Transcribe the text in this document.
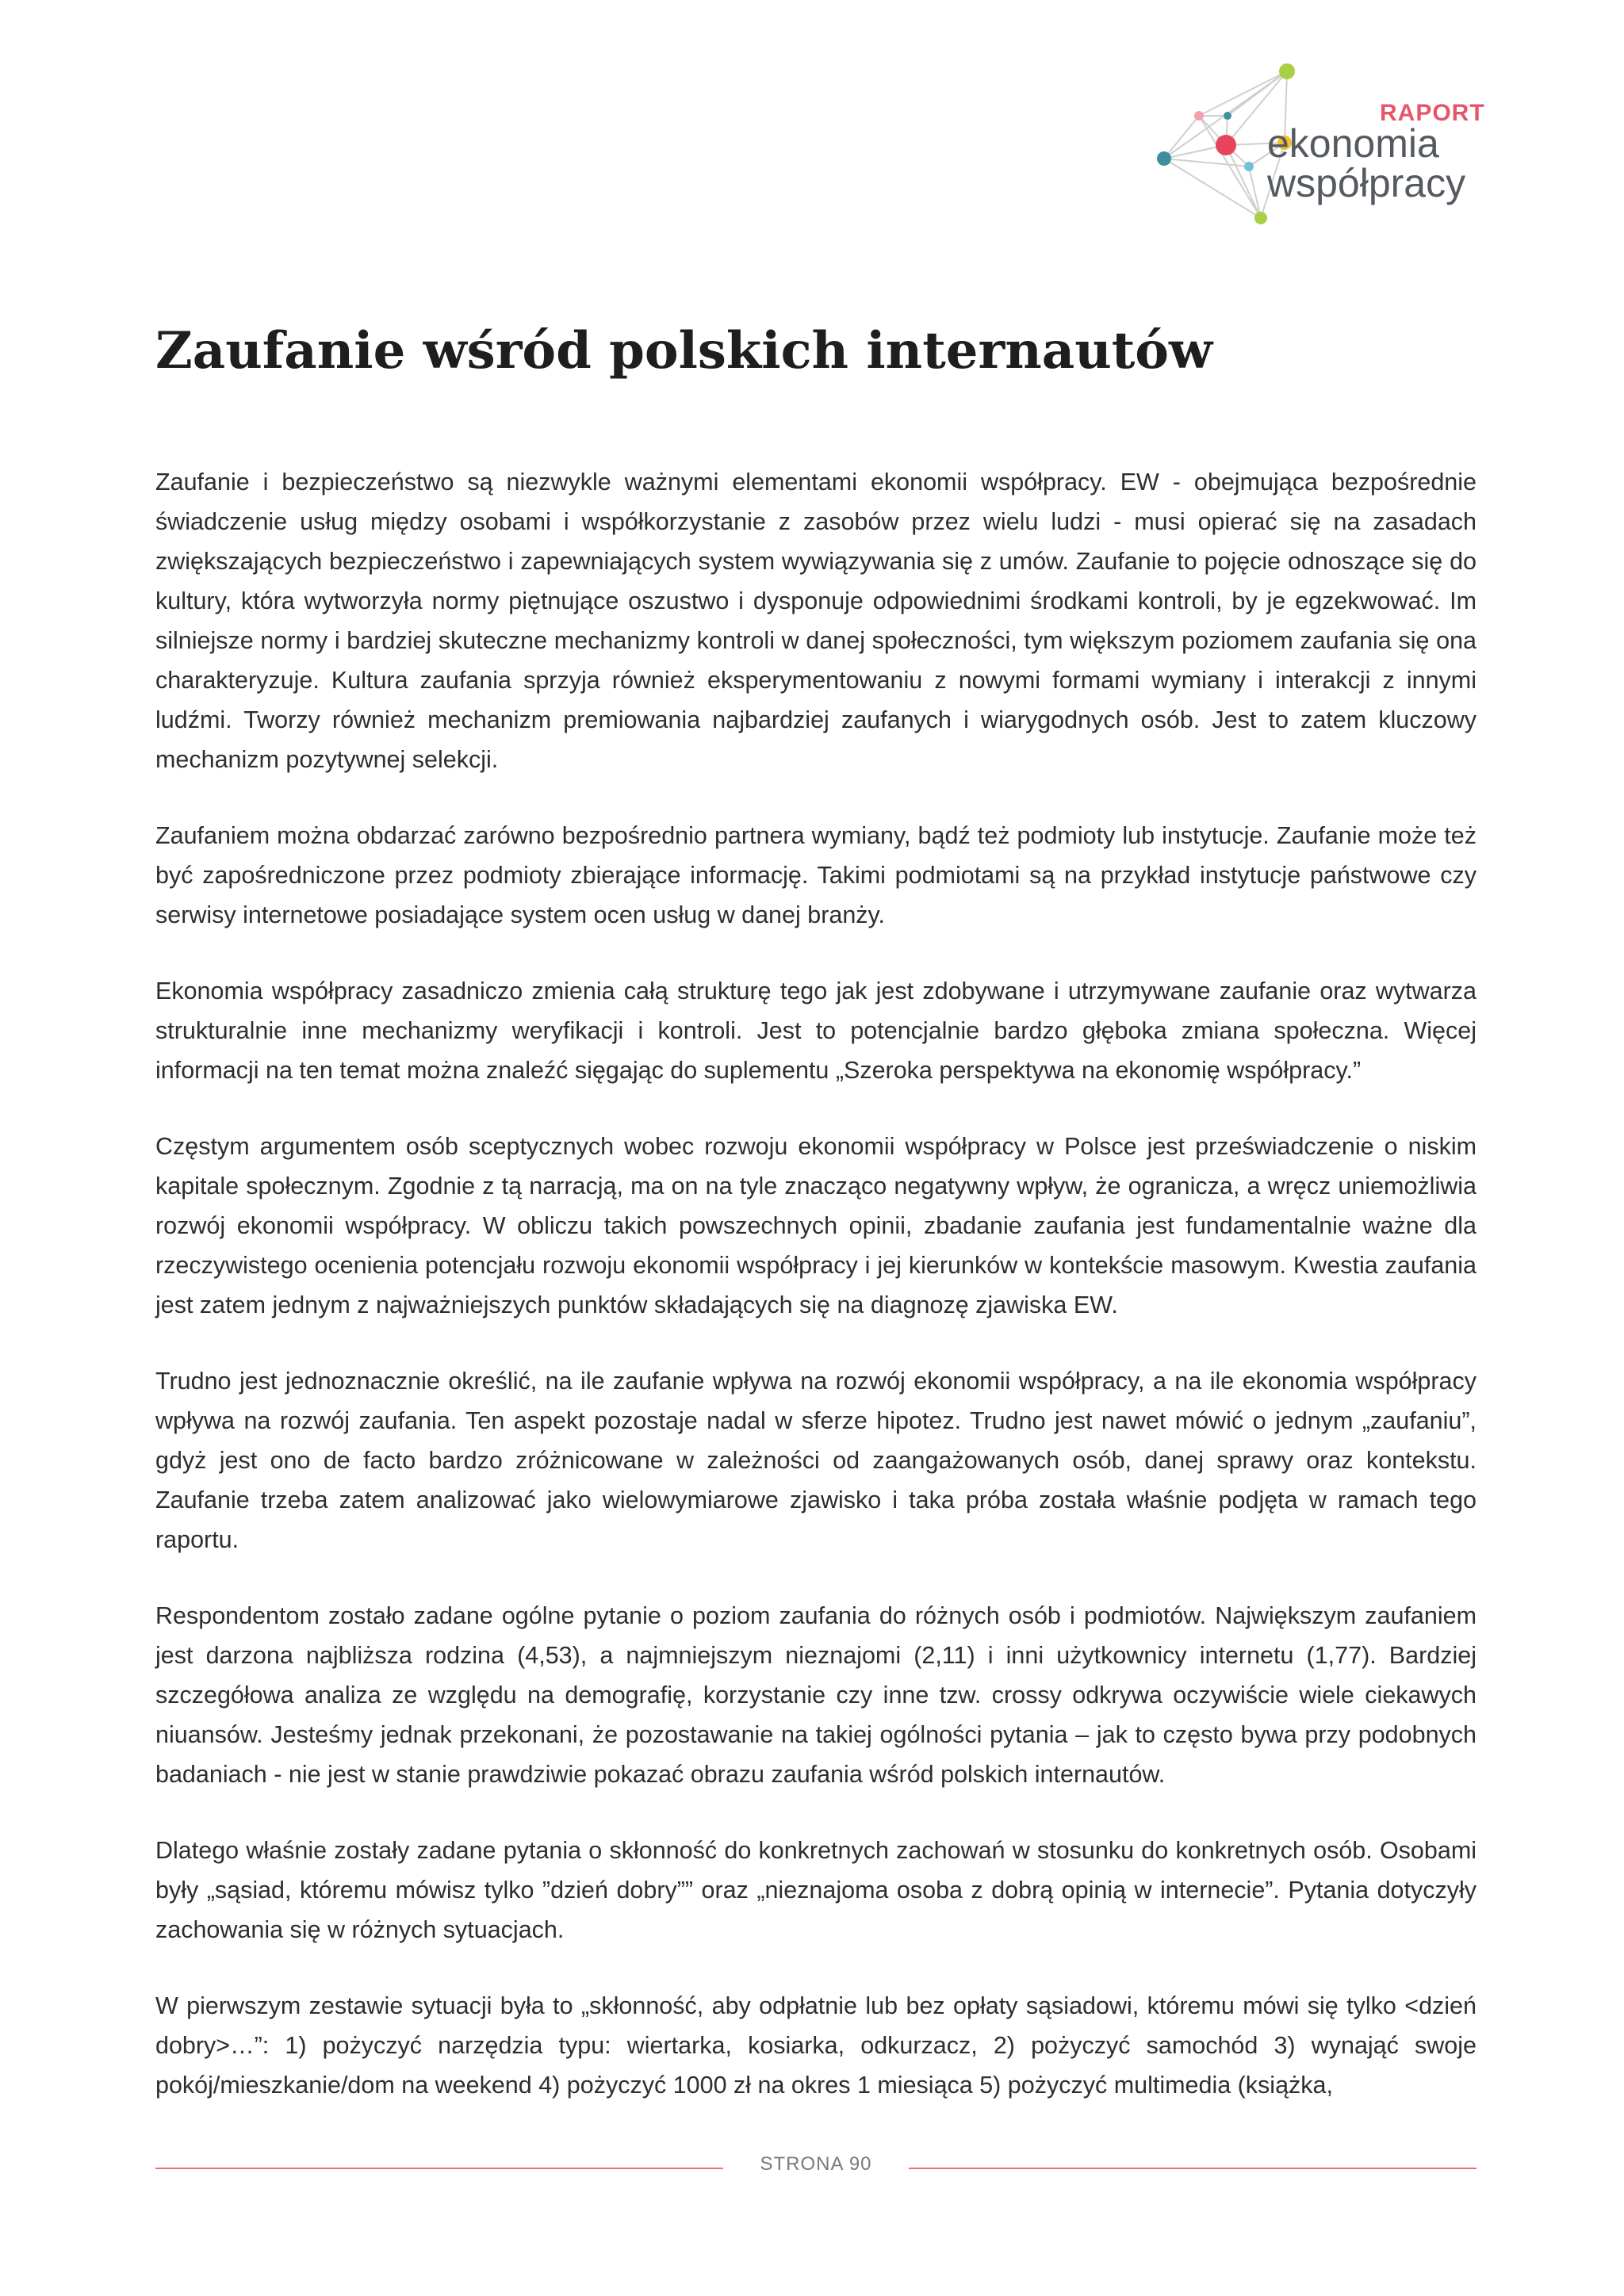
RAPORT
ekonomia
współpracy
Zaufanie wśród polskich internautów

Zaufanie i bezpieczeństwo są niezwykle ważnymi elementami ekonomii współpracy. EW - obejmująca bezpośrednie świadczenie usług między osobami i współkorzystanie z zasobów przez wielu ludzi - musi opierać się na zasadach zwiększających bezpieczeństwo i zapewniających system wywiązywania się z umów. Zaufanie to pojęcie odnoszące się do kultury, która wytworzyła normy piętnujące oszustwo i dysponuje odpowiednimi środkami kontroli, by je egzekwować. Im silniejsze normy i bardziej skuteczne mechanizmy kontroli w danej społeczności, tym większym poziomem zaufania się ona charakteryzuje. Kultura zaufania sprzyja również eksperymentowaniu z nowymi formami wymiany i interakcji z innymi ludźmi. Tworzy również mechanizm premiowania najbardziej zaufanych i wiarygodnych osób. Jest to zatem kluczowy mechanizm pozytywnej selekcji.

Zaufaniem można obdarzać zarówno bezpośrednio partnera wymiany, bądź też podmioty lub instytucje. Zaufanie może też być zapośredniczone przez podmioty zbierające informację. Takimi podmiotami są na przykład instytucje państwowe czy serwisy internetowe posiadające system ocen usług w danej branży.

Ekonomia współpracy zasadniczo zmienia całą strukturę tego jak jest zdobywane i utrzymywane zaufanie oraz wytwarza strukturalnie inne mechanizmy weryfikacji i kontroli. Jest to potencjalnie bardzo głęboka zmiana społeczna. Więcej informacji na ten temat można znaleźć sięgając do suplementu „Szeroka perspektywa na ekonomię współpracy.”

Częstym argumentem osób sceptycznych wobec rozwoju ekonomii współpracy w Polsce jest przeświadczenie o niskim kapitale społecznym. Zgodnie z tą narracją, ma on na tyle znacząco negatywny wpływ, że ogranicza, a wręcz uniemożliwia rozwój ekonomii współpracy. W obliczu takich powszechnych opinii, zbadanie zaufania jest fundamentalnie ważne dla rzeczywistego ocenienia potencjału rozwoju ekonomii współpracy i jej kierunków w kontekście masowym. Kwestia zaufania jest zatem jednym z najważniejszych punktów składających się na diagnozę zjawiska EW.

Trudno jest jednoznacznie określić, na ile zaufanie wpływa na rozwój ekonomii współpracy, a na ile ekonomia współpracy wpływa na rozwój zaufania. Ten aspekt pozostaje nadal w sferze hipotez. Trudno jest nawet mówić o jednym „zaufaniu”, gdyż jest ono de facto bardzo zróżnicowane w zależności od zaangażowanych osób, danej sprawy oraz kontekstu. Zaufanie trzeba zatem analizować jako wielowymiarowe zjawisko i taka próba została właśnie podjęta w ramach tego raportu.

Respondentom zostało zadane ogólne pytanie o poziom zaufania do różnych osób i podmiotów. Największym zaufaniem jest darzona najbliższa rodzina (4,53), a najmniejszym nieznajomi (2,11) i inni użytkownicy internetu (1,77). Bardziej szczegółowa analiza ze względu na demografię, korzystanie czy inne tzw. crossy odkrywa oczywiście wiele ciekawych niuansów. Jesteśmy jednak przekonani, że pozostawanie na takiej ogólności pytania – jak to często bywa przy podobnych badaniach - nie jest w stanie prawdziwie pokazać obrazu zaufania wśród polskich internautów.

Dlatego właśnie zostały zadane pytania o skłonność do konkretnych zachowań w stosunku do konkretnych osób. Osobami były „sąsiad, któremu mówisz tylko ”dzień dobry”” oraz „nieznajoma osoba z dobrą opinią w internecie”. Pytania dotyczyły zachowania się w różnych sytuacjach.

W pierwszym zestawie sytuacji była to „skłonność, aby odpłatnie lub bez opłaty sąsiadowi, któremu mówi się tylko <dzień dobry>…”: 1) pożyczyć narzędzia typu: wiertarka, kosiarka, odkurzacz, 2) pożyczyć samochód 3) wynająć swoje pokój/mieszkanie/dom na weekend 4) pożyczyć 1000 zł na okres 1 miesiąca 5) pożyczyć multimedia (książka,

STRONA 90
